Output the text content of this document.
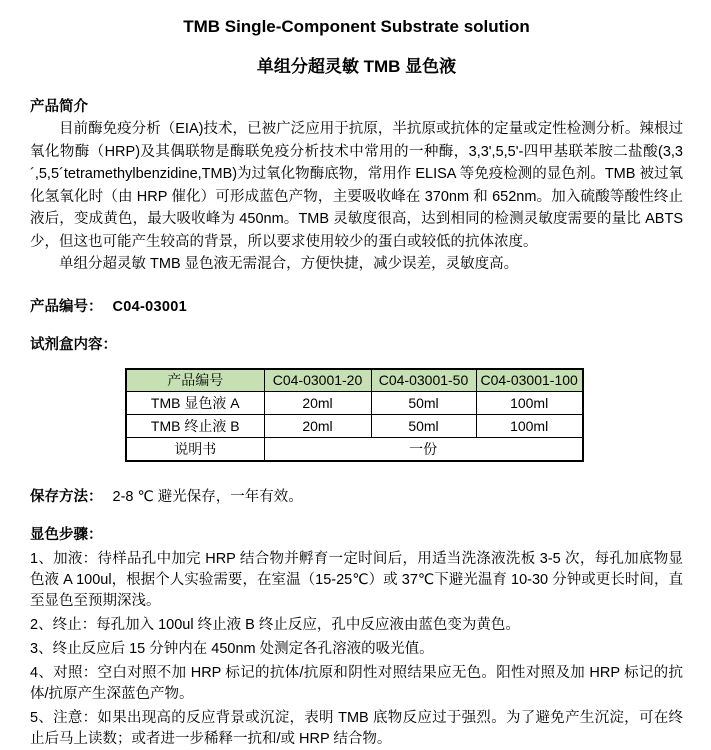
TMB Single-Component Substrate solution
单组分超灵敏 TMB 显色液
产品简介

目前酶免疫分析（EIA)技术，已被广泛应用于抗原，半抗原或抗体的定量或定性检测分析。辣根过氧化物酶（HRP)及其偶联物是酶联免疫分析技术中常用的一种酶，3,3',5,5'-四甲基联苯胺二盐酸(3,3´,5,5´tetramethylbenzidine,TMB)为过氧化物酶底物，常用作 ELISA 等免疫检测的显色剂。TMB 被过氧化氢氧化时（由 HRP 催化）可形成蓝色产物，主要吸收峰在 370nm 和 652nm。加入硫酸等酸性终止液后，变成黄色，最大吸收峰为 450nm。TMB 灵敏度很高，达到相同的检测灵敏度需要的量比 ABTS 少，但这也可能产生较高的背景，所以要求使用较少的蛋白或较低的抗体浓度。

单组分超灵敏 TMB 显色液无需混合，方便快捷，减少误差，灵敏度高。

产品编号： C04-03001
试剂盒内容：
产品编号	C04-03001-20	C04-03001-50	C04-03001-100
TMB 显色液 A	20ml	50ml	100ml
TMB 终止液 B	20ml	50ml	100ml
说明书	一份		
保存方法： 2-8 ℃ 避光保存，一年有效。
显色步骤：

1、加液：待样品孔中加完 HRP 结合物并孵育一定时间后，用适当洗涤液洗板 3-5 次，每孔加底物显色液 A 100ul，根据个人实验需要，在室温（15-25℃）或 37℃下避光温育 10-30 分钟或更长时间，直至显色至预期深浅。

2、终止：每孔加入 100ul 终止液 B 终止反应，孔中反应液由蓝色变为黄色。

3、终止反应后 15 分钟内在 450nm 处测定各孔溶液的吸光值。

4、对照：空白对照不加 HRP 标记的抗体/抗原和阴性对照结果应无色。阳性对照及加 HRP 标记的抗体/抗原产生深蓝色产物。

5、注意：如果出现高的反应背景或沉淀，表明 TMB 底物反应过于强烈。为了避免产生沉淀，可在终止后马上读数；或者进一步稀释一抗和/或 HRP 结合物。
